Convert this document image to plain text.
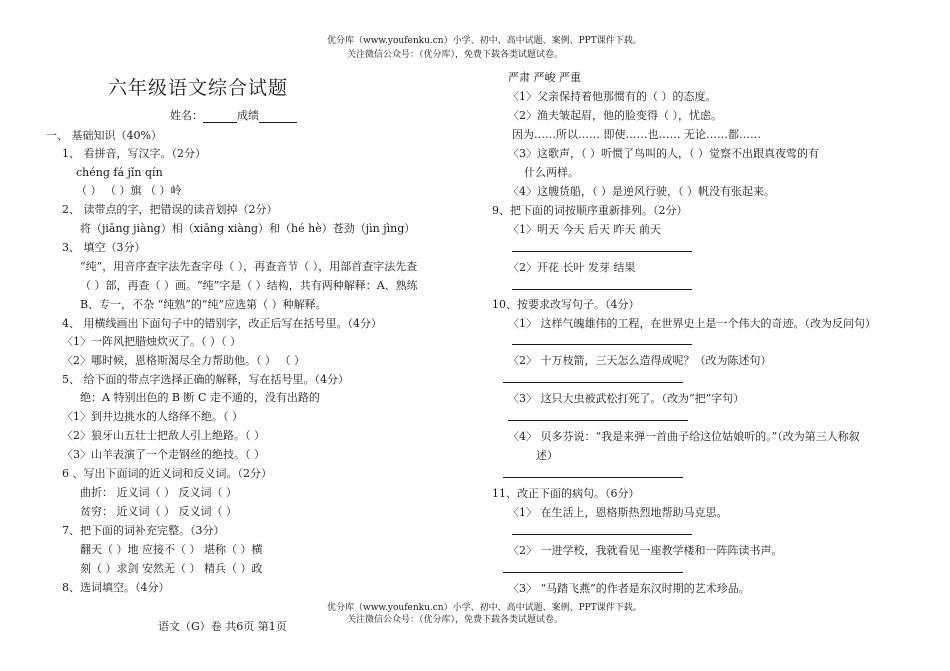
优分库（www.youfenku.cn）小学、初中、高中试题、案例、PPT课件下载。
关注微信公众号：（优分库），免费下载各类试题试卷。
六年级语文综合试题
姓名：	成绩
一、 基础知识（40%）
1、 看拼音，写汉字。（2分）
chéng fá jǐn qín
（ ） （ ）旗 （ ）岭
2、 读带点的字，把错误的读音划掉（2分）
将（jiāng jiàng）相（xiāng xiàng）和（hé hè）苍劲（jìn jìng）
3、 填空（3分）
“纯”，用音序查字法先查字母（ ），再查音节（ ），用部首查字法先查
（ ）部，再查（ ）画。“纯”字是（ ）结构，共有两种解释：A、熟练
B、专一，不杂 “纯熟”的“纯”应选第（ ）种解释。
4、 用横线画出下面句子中的错别字，改正后写在括号里。（4分）
〈1〉一阵风把腊烛炊灭了。（ ）（ ）
〈2〉哪时候，恩格斯渴尽全力帮助他。（ ） （ ）
5、 给下面的带点字选择正确的解释，写在括号里。（4分）
绝：A 特别出色的 B 断 C 走不通的，没有出路的
〈1〉到井边挑水的人络绎不绝。（ ）
〈2〉狼牙山五壮士把敌人引上绝路。（ ）
〈3〉山羊表演了一个走钢丝的绝技。（ ）
6 、写出下面词的近义词和反义词。（2分）
曲折： 近义词（ ） 反义词（ ）
贫穷： 近义词（ ） 反义词（ ）
7、把下面的词补充完整。（3分）
翻天（ ）地 应接不（ ） 堪称（ ）横
刻（ ）求剑 安然无（ ） 精兵（ ）政
8、选词填空。（4分）
严肃 严峻 严重
〈1〉父亲保持着他那惯有的（ ）的态度。
〈2〉渔夫皱起眉，他的脸变得（ ），忧虑。
因为……所以…… 即使……也…… 无论……都……
〈3〉这歌声，（ ）听惯了鸟叫的人，（ ）觉察不出跟真夜莺的有
什么两样。
〈4〉这艘货船，（ ）是逆风行驶，（ ）帆没有张起来。
9、把下面的词按顺序重新排列。（2分）
〈1〉明天 今天 后天 昨天 前天
〈2〉开花 长叶 发芽 结果
10、按要求改写句子。（4分）
〈1〉 这样气魄雄伟的工程，在世界史上是一个伟大的奇迹。（改为反问句）
〈2〉 十万枝箭，三天怎么造得成呢？（改为陈述句）
〈3〉 这只大虫被武松打死了。（改为“把”字句）
〈4〉 贝多芬说：“我是来弹一首曲子给这位姑娘听的。”（改为第三人称叙
述）
11、改正下面的病句。（6分）
〈1〉 在生活上，恩格斯热烈地帮助马克思。
〈2〉 一进学校，我就看见一座教学楼和一阵阵读书声。
〈3〉 “马踏飞燕”的作者是东汉时期的艺术珍品。
优分库（www.youfenku.cn）小学、初中、高中试题、案例、PPT课件下载。
关注微信公众号：（优分库），免费下载各类试题试卷。
语文（G）卷 共6页 第1页
